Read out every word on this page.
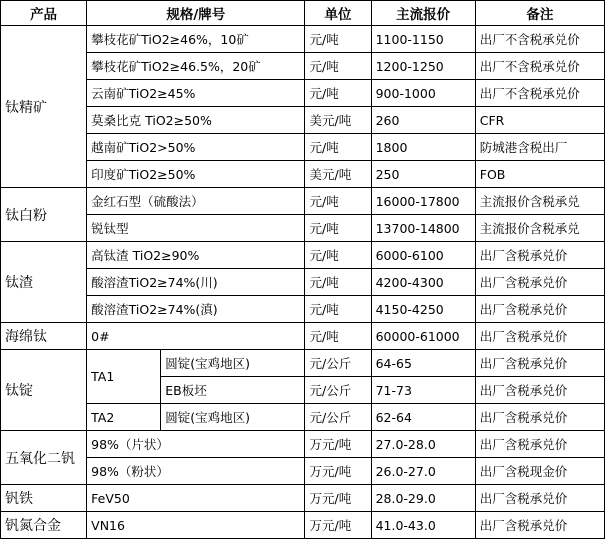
产品	规格/牌号		单位	主流报价	备注
钛精矿	攀枝花矿TiO2≥46%，10矿		元/吨	1100-1150	出厂不含税承兑价
	攀枝花矿TiO2≥46.5%，20矿		元/吨	1200-1250	出厂不含税承兑价
	云南矿TiO2≥45%		元/吨	900-1000	出厂不含税承兑价
	莫桑比克 TiO2≥50%		美元/吨	260	CFR
	越南矿TiO2>50%		元/吨	1800	防城港含税出厂
	印度矿TiO2≥50%		美元/吨	250	FOB
钛白粉	金红石型（硫酸法）		元/吨	16000-17800	主流报价含税承兑
	锐钛型		元/吨	13700-14800	主流报价含税承兑
钛渣	高钛渣 TiO2≥90%		元/吨	6000-6100	出厂含税承兑价
	酸溶渣TiO2≥74%(川)		元/吨	4200-4300	出厂含税承兑价
	酸溶渣TiO2≥74%(滇)		元/吨	4150-4250	出厂含税承兑价
海绵钛	0#		元/吨	60000-61000	出厂含税承兑价
钛锭	TA1	圆锭(宝鸡地区)	元/公斤	64-65	出厂含税承兑价
		EB板坯	元/公斤	71-73	出厂含税承兑价
	TA2	圆锭(宝鸡地区)	元/公斤	62-64	出厂含税承兑价
五氧化二钒	98%（片状）		万元/吨	27.0-28.0	出厂含税承兑价
	98%（粉状）		万元/吨	26.0-27.0	出厂含税现金价
钒铁	FeV50		万元/吨	28.0-29.0	出厂含税承兑价
钒氮合金	VN16		万元/吨	41.0-43.0	出厂含税承兑价
